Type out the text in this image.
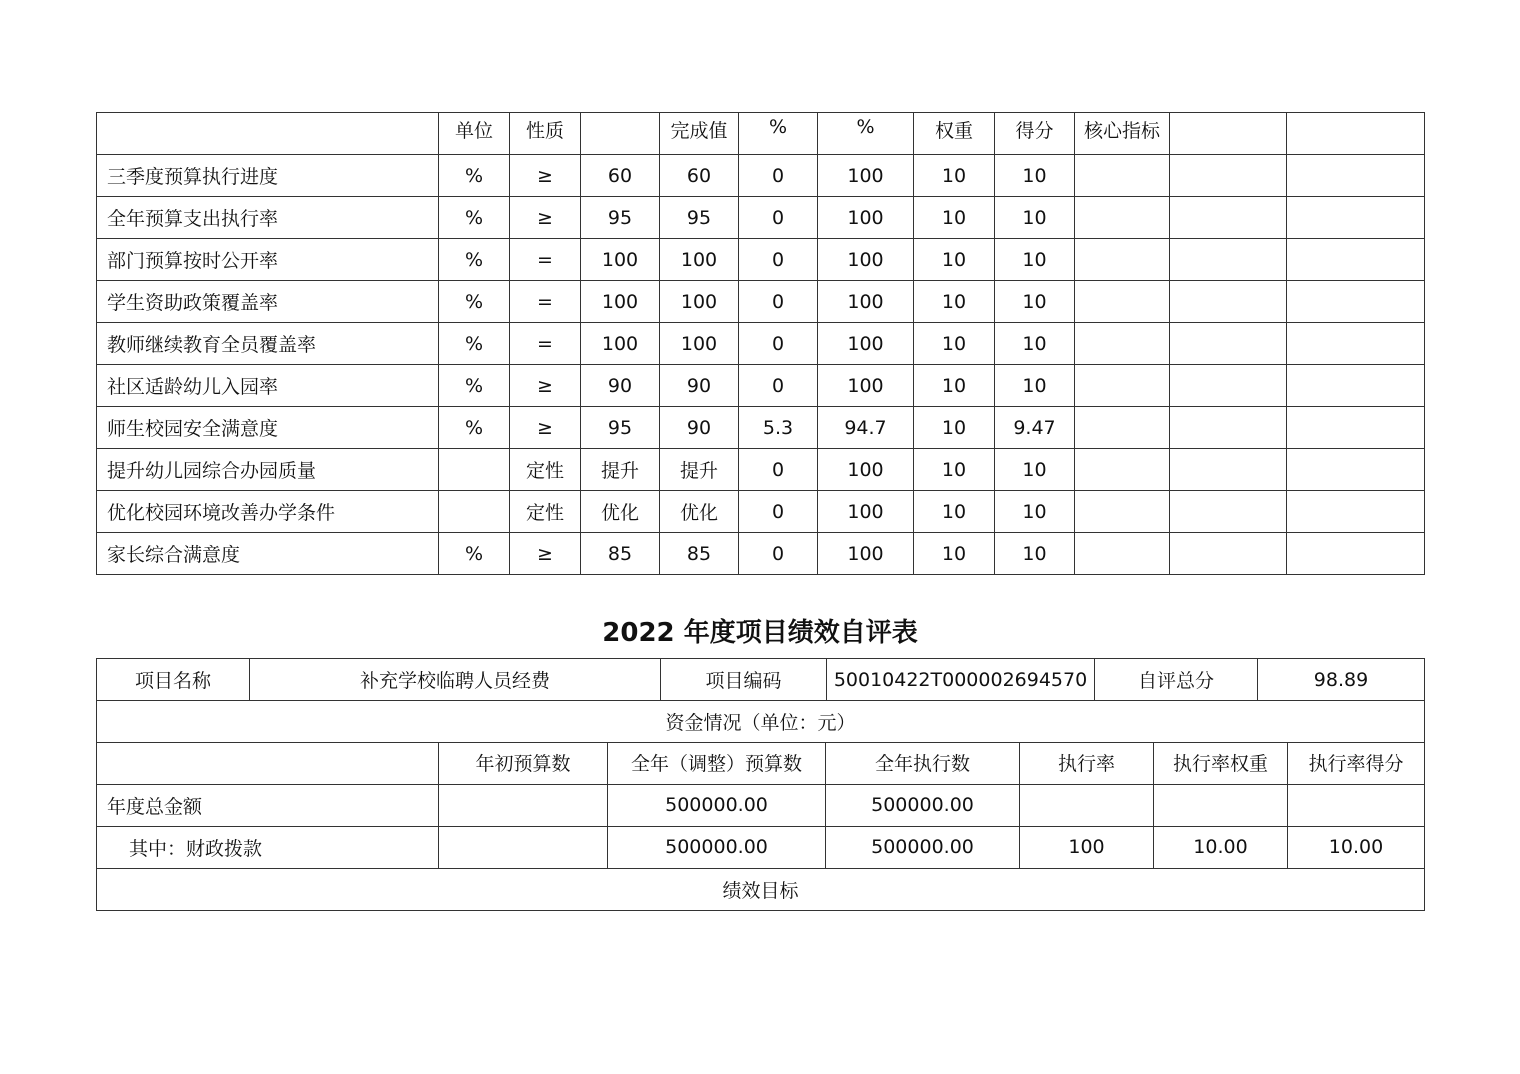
	单位	性质		完成值	%	%	权重	得分	核心指标		
三季度预算执行进度	%	≥	60	60	0	100	10	10			
全年预算支出执行率	%	≥	95	95	0	100	10	10			
部门预算按时公开率	%	=	100	100	0	100	10	10			
学生资助政策覆盖率	%	=	100	100	0	100	10	10			
教师继续教育全员覆盖率	%	=	100	100	0	100	10	10			
社区适龄幼儿入园率	%	≥	90	90	0	100	10	10			
师生校园安全满意度	%	≥	95	90	5.3	94.7	10	9.47			
提升幼儿园综合办园质量		定性	提升	提升	0	100	10	10			
优化校园环境改善办学条件		定性	优化	优化	0	100	10	10			
家长综合满意度	%	≥	85	85	0	100	10	10			
2022 年度项目绩效自评表
项目名称	补充学校临聘人员经费	项目编码	50010422T000002694570	自评总分	98.89
资金情况（单位：元）
	年初预算数	全年（调整）预算数	全年执行数	执行率	执行率权重	执行率得分
年度总金额		500000.00	500000.00			
其中：财政拨款		500000.00	500000.00	100	10.00	10.00
绩效目标						
